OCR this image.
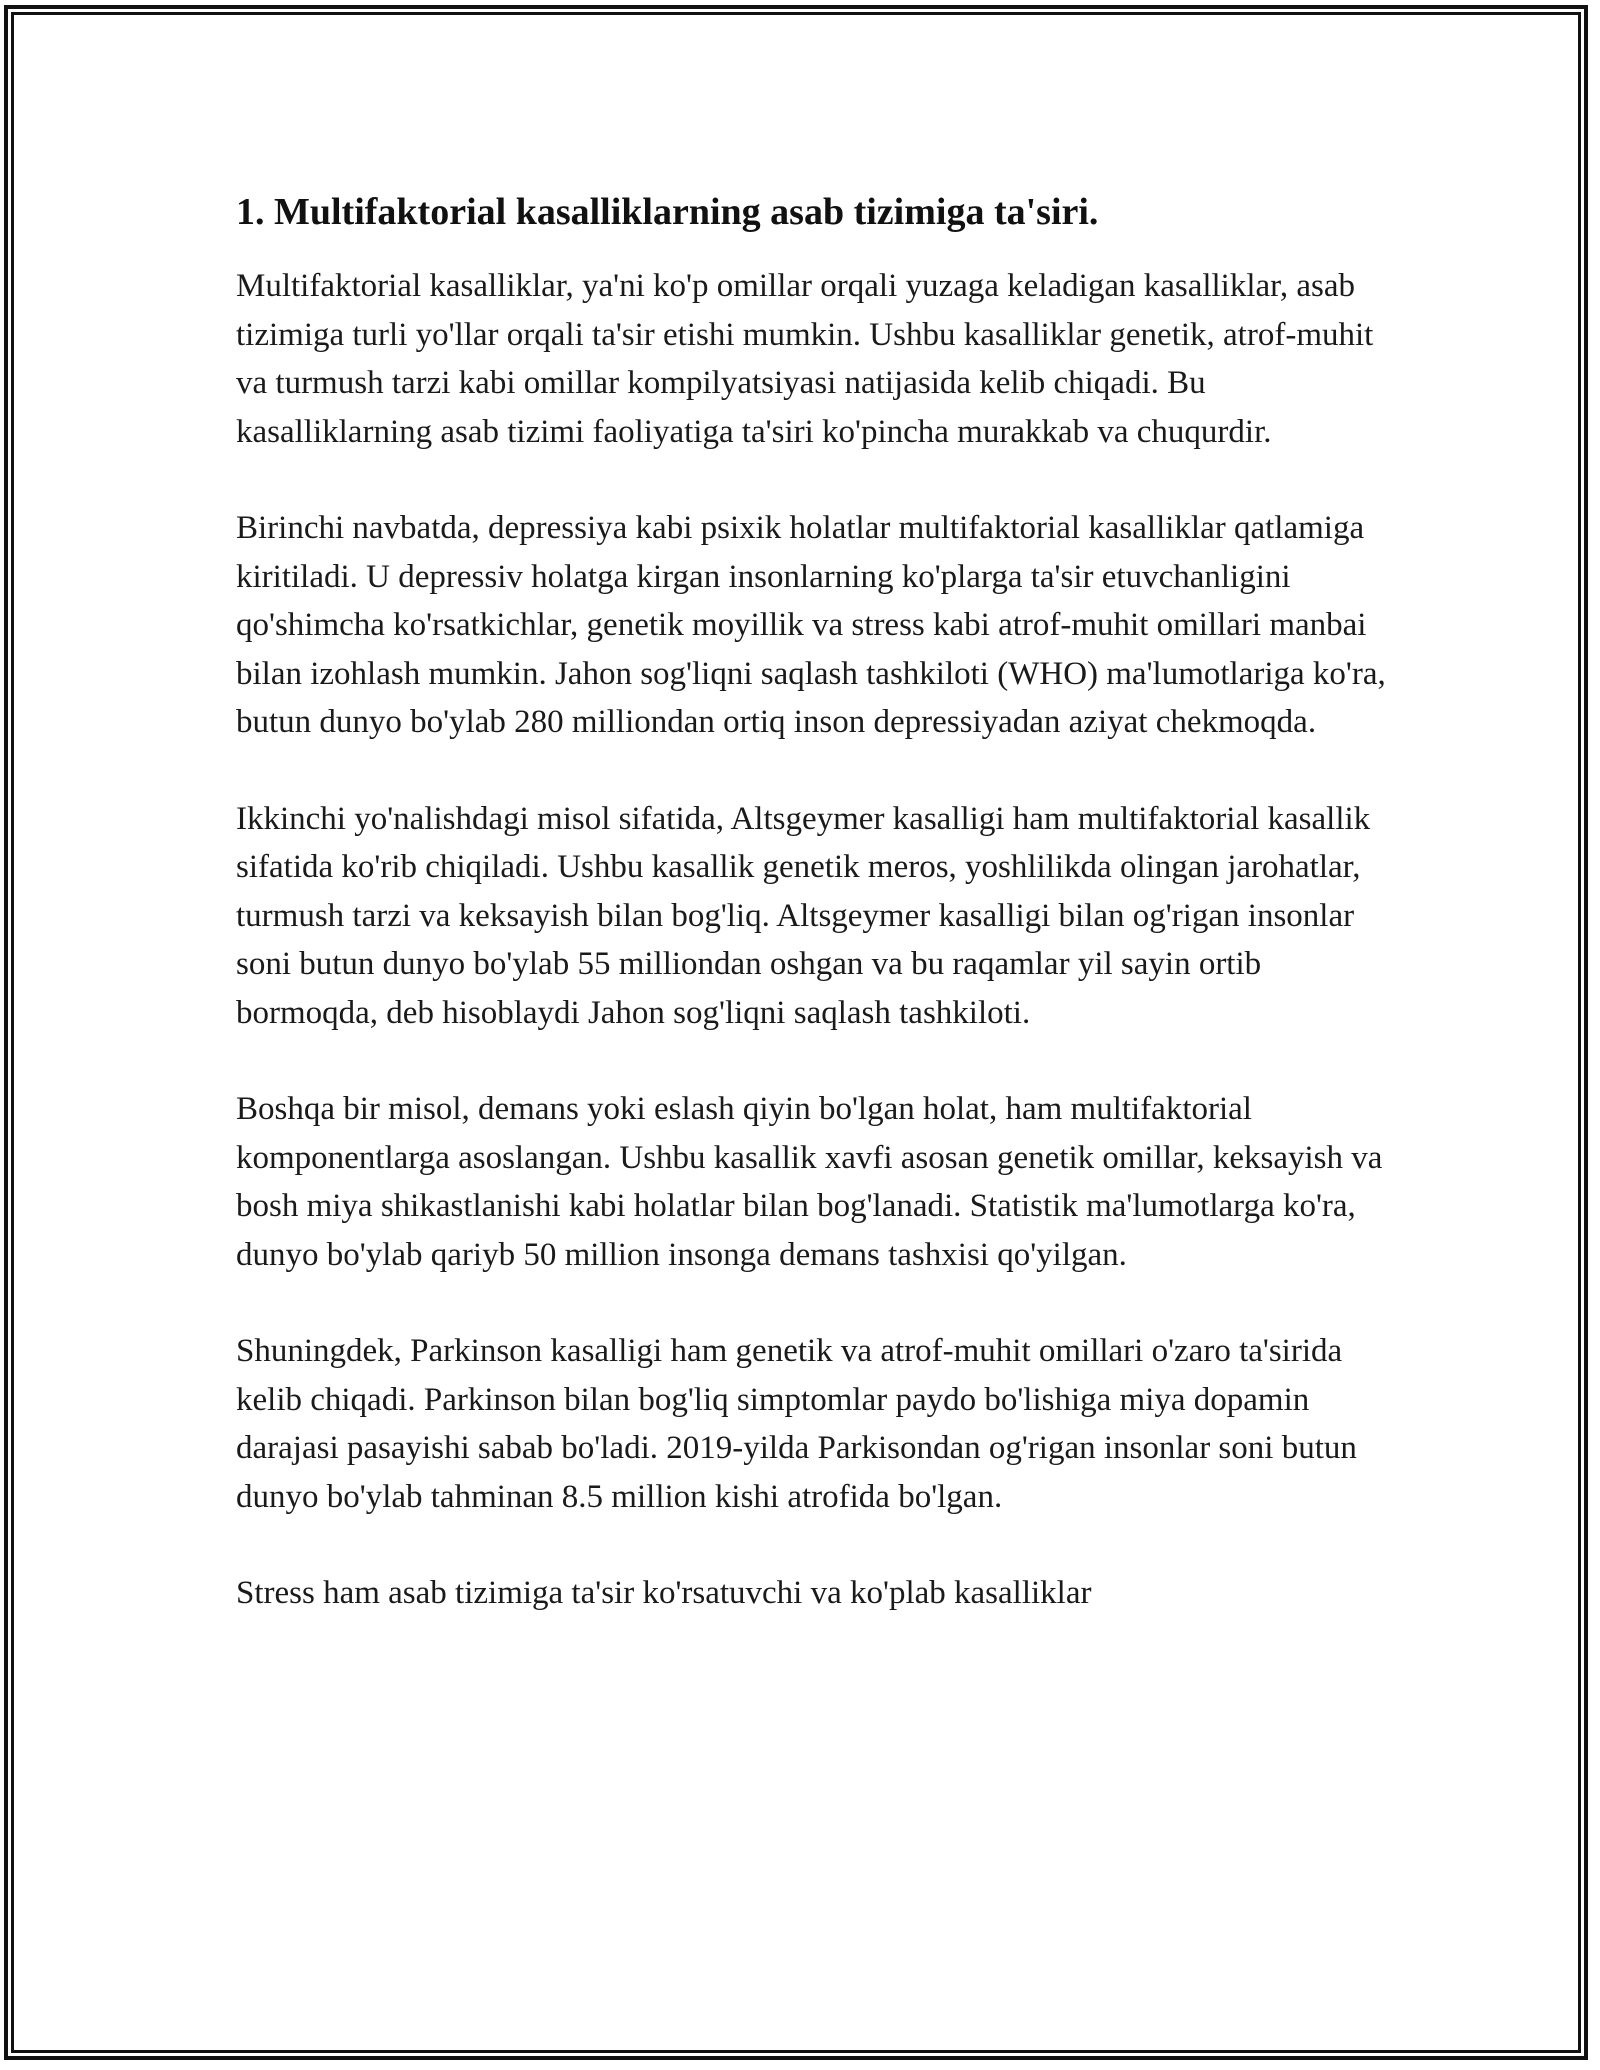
1. Multifaktorial kasalliklarning asab tizimiga ta'siri.

Multifaktorial kasalliklar, ya'ni ko'p omillar orqali yuzaga keladigan kasalliklar, asab tizimiga turli yo'llar orqali ta'sir etishi mumkin. Ushbu kasalliklar genetik, atrof-muhit va turmush tarzi kabi omillar kompilyatsiyasi natijasida kelib chiqadi. Bu kasalliklarning asab tizimi faoliyatiga ta'siri ko'pincha murakkab va chuqurdir.

Birinchi navbatda, depressiya kabi psixik holatlar multifaktorial kasalliklar qatlamiga kiritiladi. U depressiv holatga kirgan insonlarning ko'plarga ta'sir etuvchanligini qo'shimcha ko'rsatkichlar, genetik moyillik va stress kabi atrof-muhit omillari manbai bilan izohlash mumkin. Jahon sog'liqni saqlash tashkiloti (WHO) ma'lumotlariga ko'ra, butun dunyo bo'ylab 280 milliondan ortiq inson depressiyadan aziyat chekmoqda.

Ikkinchi yo'nalishdagi misol sifatida, Altsgeymer kasalligi ham multifaktorial kasallik sifatida ko'rib chiqiladi. Ushbu kasallik genetik meros, yoshlilikda olingan jarohatlar, turmush tarzi va keksayish bilan bog'liq. Altsgeymer kasalligi bilan og'rigan insonlar soni butun dunyo bo'ylab 55 milliondan oshgan va bu raqamlar yil sayin ortib bormoqda, deb hisoblaydi Jahon sog'liqni saqlash tashkiloti.

Boshqa bir misol, demans yoki eslash qiyin bo'lgan holat, ham multifaktorial komponentlarga asoslangan. Ushbu kasallik xavfi asosan genetik omillar, keksayish va bosh miya shikastlanishi kabi holatlar bilan bog'lanadi. Statistik ma'lumotlarga ko'ra, dunyo bo'ylab qariyb 50 million insonga demans tashxisi qo'yilgan.

Shuningdek, Parkinson kasalligi ham genetik va atrof-muhit omillari o'zaro ta'sirida kelib chiqadi. Parkinson bilan bog'liq simptomlar paydo bo'lishiga miya dopamin darajasi pasayishi sabab bo'ladi. 2019-yilda Parkisondan og'rigan insonlar soni butun dunyo bo'ylab tahminan 8.5 million kishi atrofida bo'lgan.

Stress ham asab tizimiga ta'sir ko'rsatuvchi va ko'plab kasalliklar
